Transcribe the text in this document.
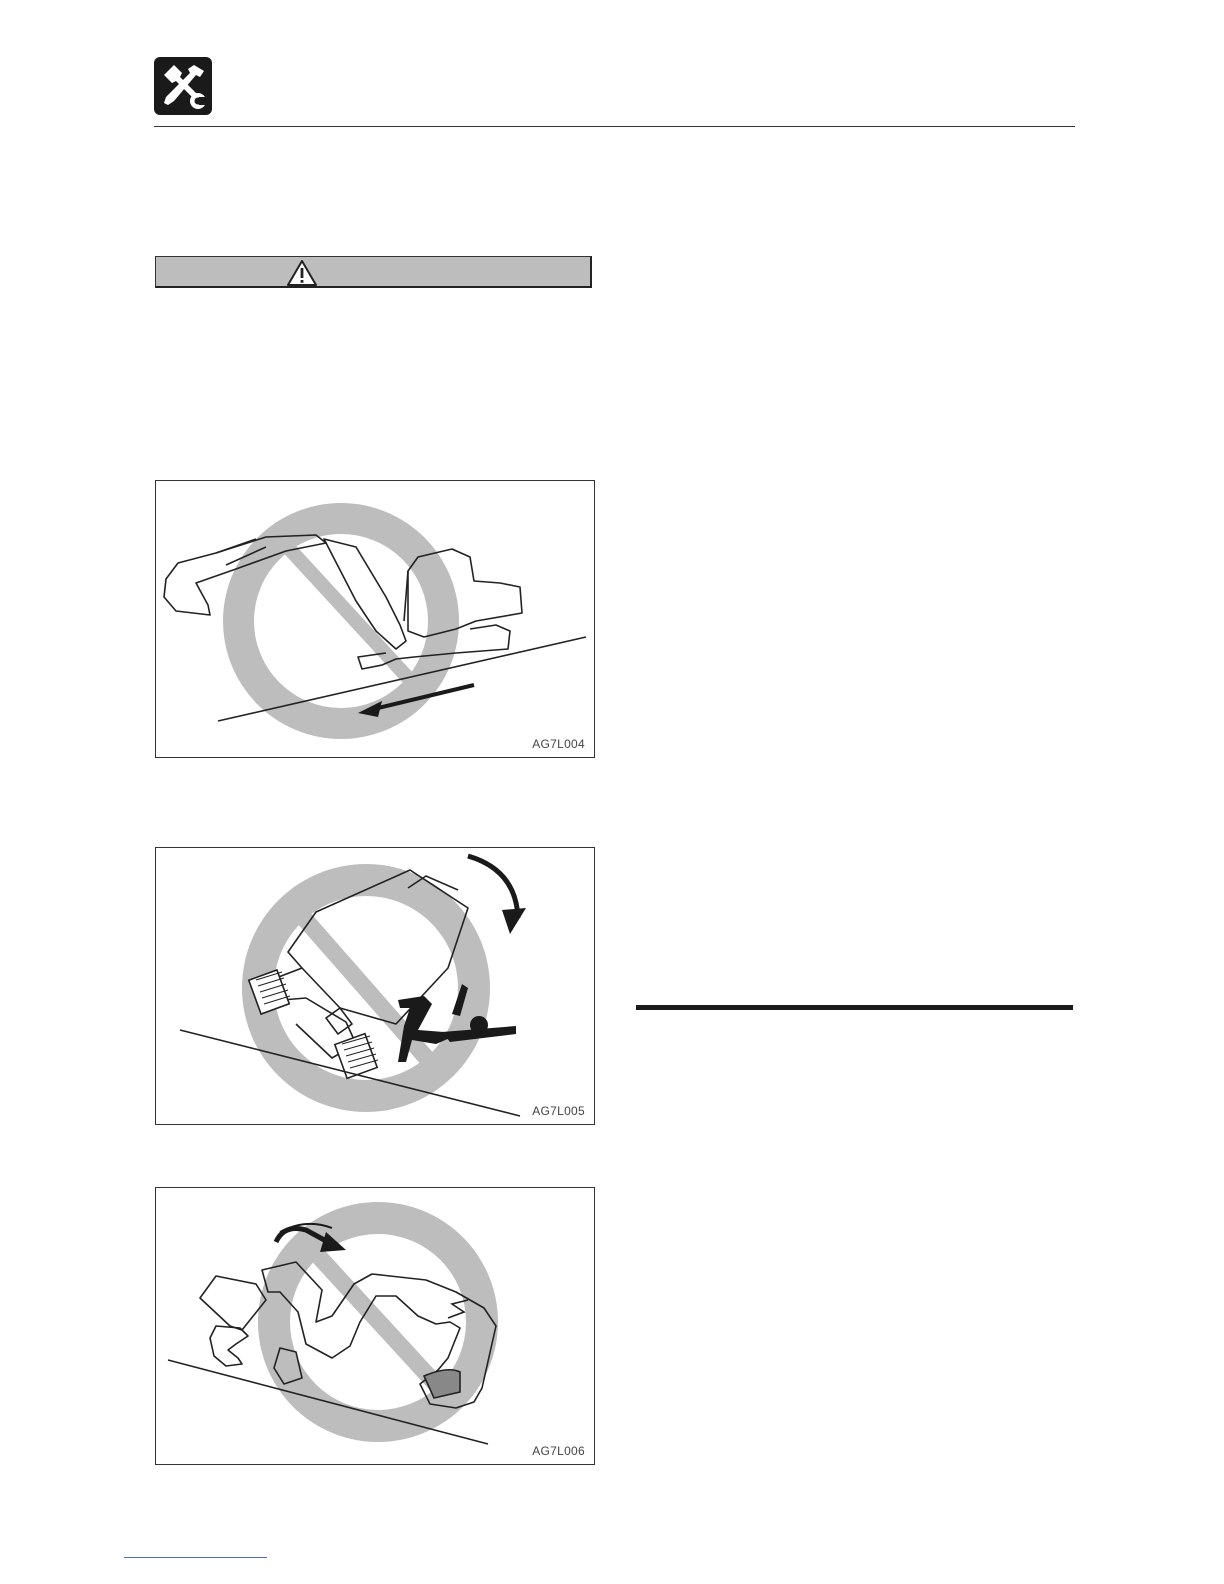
AG7L004
AG7L005
AG7L006
